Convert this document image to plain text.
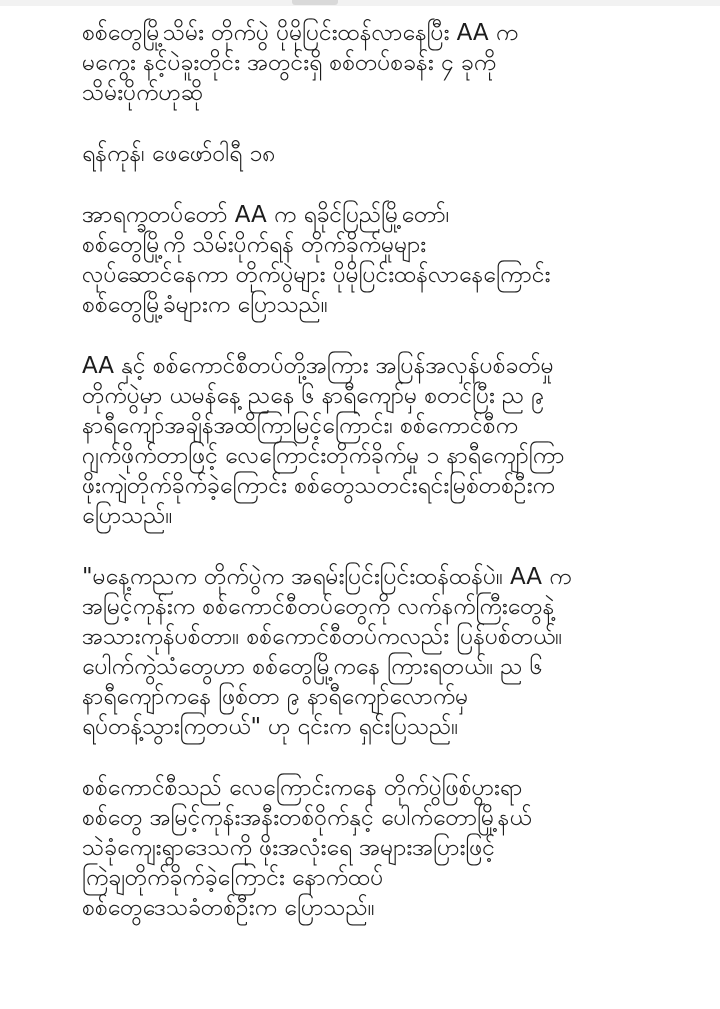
စစ်တွေမြို့သိမ်း တိုက်ပွဲ ပိုမိုပြင်းထန်လာနေပြီး AA က
မကွေး နင့်ပဲခူးတိုင်း အတွင်းရှိ စစ်တပ်စခန်း ၄ ခုကို
သိမ်းပိုက်ဟုဆို

ရန်ကုန်၊ ဖေဖော်ဝါရီ ၁၈

အာရက္ခတပ်တော် AA က ရခိုင်ပြည်မြို့တော်၊
စစ်တွေမြို့ကို သိမ်းပိုက်ရန် တိုက်ခိုက်မှုများ
လုပ်ဆောင်နေကာ တိုက်ပွဲများ ပိုမိုပြင်းထန်လာနေကြောင်း
စစ်တွေမြို့ခံများက ပြောသည်။

AA နှင့် စစ်ကောင်စီတပ်တို့အကြား အပြန်အလှန်ပစ်ခတ်မှု
တိုက်ပွဲမှာ ယမန်နေ့ ညနေ ၆ နာရီကျော်မှ စတင်ပြီး ည ၉
နာရီကျော်အချိန်အထိကြာမြင့်ကြောင်း၊ စစ်ကောင်စီက
ဂျက်ဖိုက်တာဖြင့် လေကြောင်းတိုက်ခိုက်မှု ၁ နာရီကျော်ကြာ
ဖိုးကျဲတိုက်ခိုက်ခဲ့ကြောင်း စစ်တွေသတင်းရင်းမြစ်တစ်ဦးက
ပြောသည်။

"မနေ့ကညက တိုက်ပွဲက အရမ်းပြင်းပြင်းထန်ထန်ပဲ။ AA က
အမြင့်ကုန်းက စစ်ကောင်စီတပ်တွေကို လက်နက်ကြီးတွေနဲ့
အသားကုန်ပစ်တာ။ စစ်ကောင်စီတပ်ကလည်း ပြန်ပစ်တယ်။
ပေါက်ကွဲသံတွေဟာ စစ်တွေမြို့ကနေ ကြားရတယ်။ ည ၆
နာရီကျော်ကနေ ဖြစ်တာ ၉ နာရီကျော်လောက်မှ
ရပ်တန့်သွားကြတယ်" ဟု ၎င်းက ရှင်းပြသည်။

စစ်ကောင်စီသည် လေကြောင်းကနေ တိုက်ပွဲဖြစ်ပွားရာ
စစ်တွေ အမြင့်ကုန်းအနီးတစ်ဝိုက်နှင့် ပေါက်တောမြို့နယ်
သဲခုံကျေးရွာဒေသကို ဖိုးအလုံးရေ အများအပြားဖြင့်
ကြဲချတိုက်ခိုက်ခဲ့ကြောင်း နောက်ထပ်
စစ်တွေဒေသခံတစ်ဦးက ပြောသည်။
